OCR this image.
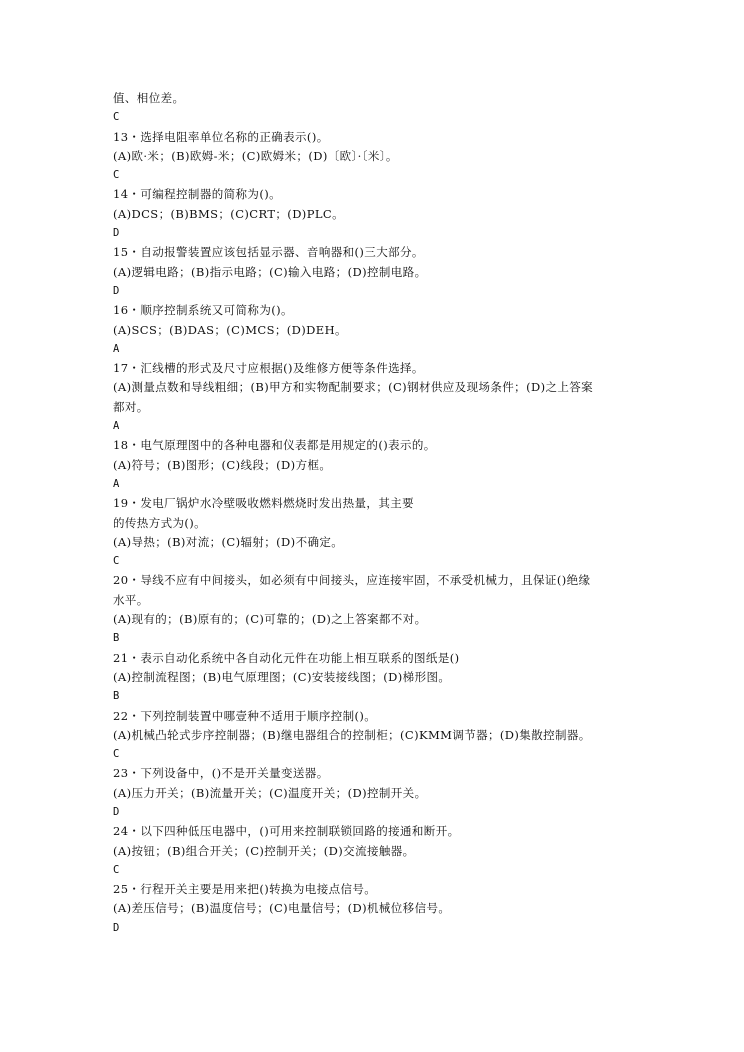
值、相位差。
C
13・选择电阻率单位名称的正确表示()。
(A)欧·米；(B)欧姆-米；(C)欧姆米；(D)〔欧〕·〔米〕。
C
14・可编程控制器的简称为()。
(A)DCS；(B)BMS；(C)CRT；(D)PLC。
D
15・自动报警装置应该包括显示器、音响器和()三大部分。
(A)逻辑电路；(B)指示电路；(C)输入电路；(D)控制电路。
D
16・顺序控制系统又可简称为()。
(A)SCS；(B)DAS；(C)MCS；(D)DEH。
A
17・汇线槽的形式及尺寸应根据()及维修方便等条件选择。
(A)测量点数和导线粗细；(B)甲方和实物配制要求；(C)钢材供应及现场条件；(D)之上答案
都对。
A
18・电气原理图中的各种电器和仪表都是用规定的()表示的。
(A)符号；(B)图形；(C)线段；(D)方框。
A
19・发电厂锅炉水冷壁吸收燃料燃烧时发出热量，其主要
的传热方式为()。
(A)导热；(B)对流；(C)辐射；(D)不确定。
C
20・导线不应有中间接头，如必须有中间接头，应连接牢固，不承受机械力，且保证()绝缘
水平。
(A)现有的；(B)原有的；(C)可靠的；(D)之上答案都不对。
B
21・表示自动化系统中各自动化元件在功能上相互联系的图纸是()
(A)控制流程图；(B)电气原理图；(C)安装接线图；(D)梯形图。
B
22・下列控制装置中哪壹种不适用于顺序控制()。
(A)机械凸轮式步序控制器；(B)继电器组合的控制柜；(C)KMM调节器；(D)集散控制器。
C
23・下列设备中，()不是开关量变送器。
(A)压力开关；(B)流量开关；(C)温度开关；(D)控制开关。
D
24・以下四种低压电器中，()可用来控制联锁回路的接通和断开。
(A)按钮；(B)组合开关；(C)控制开关；(D)交流接触器。
C
25・行程开关主要是用来把()转换为电接点信号。
(A)差压信号；(B)温度信号；(C)电量信号；(D)机械位移信号。
D
